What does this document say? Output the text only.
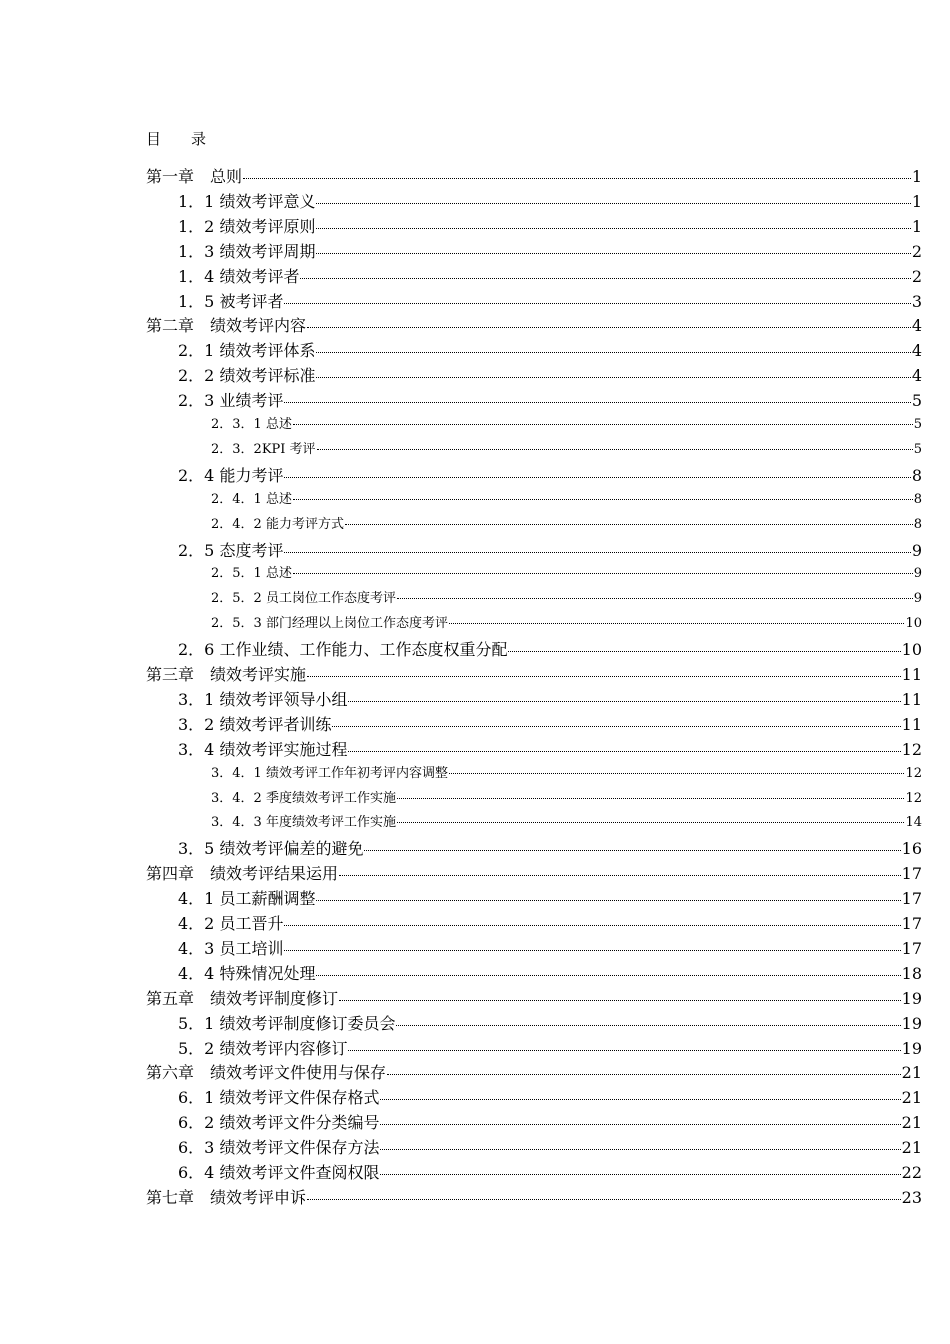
目　　录
第一章　总则	1
1．1 绩效考评意义	1
1．2 绩效考评原则	1
1．3 绩效考评周期	2
1．4 绩效考评者	2
1．5 被考评者	3
第二章　绩效考评内容	4
2．1 绩效考评体系	4
2．2 绩效考评标准	4
2．3 业绩考评	5
2．3．1 总述	5
2．3．2KPI 考评	5
2．4 能力考评	8
2．4．1 总述	8
2．4．2 能力考评方式	8
2．5 态度考评	9
2．5．1 总述	9
2．5．2 员工岗位工作态度考评	9
2．5．3 部门经理以上岗位工作态度考评	10
2．6 工作业绩、工作能力、工作态度权重分配	10
第三章　绩效考评实施	11
3．1 绩效考评领导小组	11
3．2 绩效考评者训练	11
3．4 绩效考评实施过程	12
3．4．1 绩效考评工作年初考评内容调整	12
3．4．2 季度绩效考评工作实施	12
3．4．3 年度绩效考评工作实施	14
3．5 绩效考评偏差的避免	16
第四章　绩效考评结果运用	17
4．1 员工薪酬调整	17
4．2 员工晋升	17
4．3 员工培训	17
4．4 特殊情况处理	18
第五章　绩效考评制度修订	19
5．1 绩效考评制度修订委员会	19
5．2 绩效考评内容修订	19
第六章　绩效考评文件使用与保存	21
6．1 绩效考评文件保存格式	21
6．2 绩效考评文件分类编号	21
6．3 绩效考评文件保存方法	21
6．4 绩效考评文件查阅权限	22
第七章　绩效考评申诉	23
